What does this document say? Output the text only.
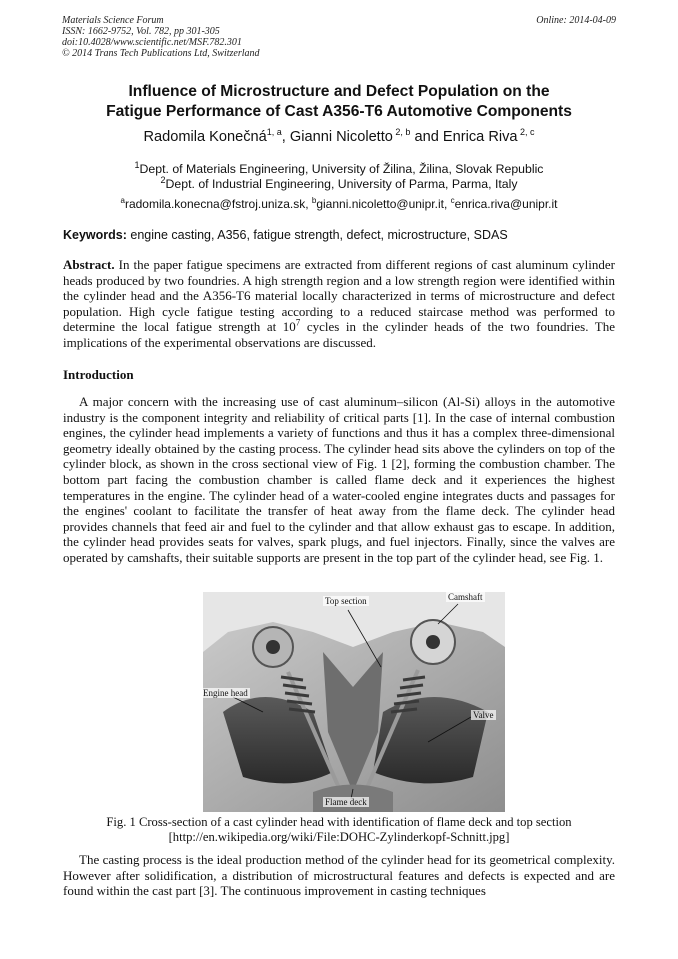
Materials Science Forum
ISSN: 1662-9752, Vol. 782, pp 301-305
doi:10.4028/www.scientific.net/MSF.782.301
© 2014 Trans Tech Publications Ltd, Switzerland
Online: 2014-04-09
Influence of Microstructure and Defect Population on the
Fatigue Performance of Cast A356-T6 Automotive Components
Radomila Konečná$^{1, a}$, Gianni Nicoletto $^{2, b}$ and Enrica Riva $^{2, c}$
$^1$Dept. of Materials Engineering, University of Žilina, Žilina, Slovak Republic
$^2$Dept. of Industrial Engineering, University of Parma, Parma, Italy
$^a$radomila.konecna@fstroj.uniza.sk, $^b$gianni.nicoletto@unipr.it, $^c$enrica.riva@unipr.it
Keywords: engine casting, A356, fatigue strength, defect, microstructure, SDAS
Abstract. In the paper fatigue specimens are extracted from different regions of cast aluminum cylinder heads produced by two foundries. A high strength region and a low strength region were identified within the cylinder head and the A356-T6 material locally characterized in terms of microstructure and defect population. High cycle fatigue testing according to a reduced staircase method was performed to determine the local fatigue strength at $10^7$ cycles in the cylinder heads of the two foundries. The implications of the experimental observations are discussed.
Introduction
A major concern with the increasing use of cast aluminum–silicon (Al-Si) alloys in the automotive industry is the component integrity and reliability of critical parts [1]. In the case of internal combustion engines, the cylinder head implements a variety of functions and thus it has a complex three-dimensional geometry ideally obtained by the casting process. The cylinder head sits above the cylinders on top of the cylinder block, as shown in the cross sectional view of Fig. 1 [2], forming the combustion chamber. The bottom part facing the combustion chamber is called flame deck and it experiences the highest temperatures in the engine. The cylinder head of a water-cooled engine integrates ducts and passages for the engines' coolant to facilitate the transfer of heat away from the flame deck. The cylinder head provides channels that feed air and fuel to the cylinder and that allow exhaust gas to escape. In addition, the cylinder head provides seats for valves, spark plugs, and fuel injectors. Finally, since the valves are operated by camshafts, their suitable supports are present in the top part of the cylinder head, see Fig. 1.
Top section	Camshaft
Engine head
Valve
Flame deck
Fig. 1 Cross-section of a cast cylinder head with identification of flame deck and top section
[http://en.wikipedia.org/wiki/File:DOHC-Zylinderkopf-Schnitt.jpg]
The casting process is the ideal production method of the cylinder head for its geometrical complexity. However after solidification, a distribution of microstructural features and defects is expected and are found within the cast part [3]. The continuous improvement in casting techniques
